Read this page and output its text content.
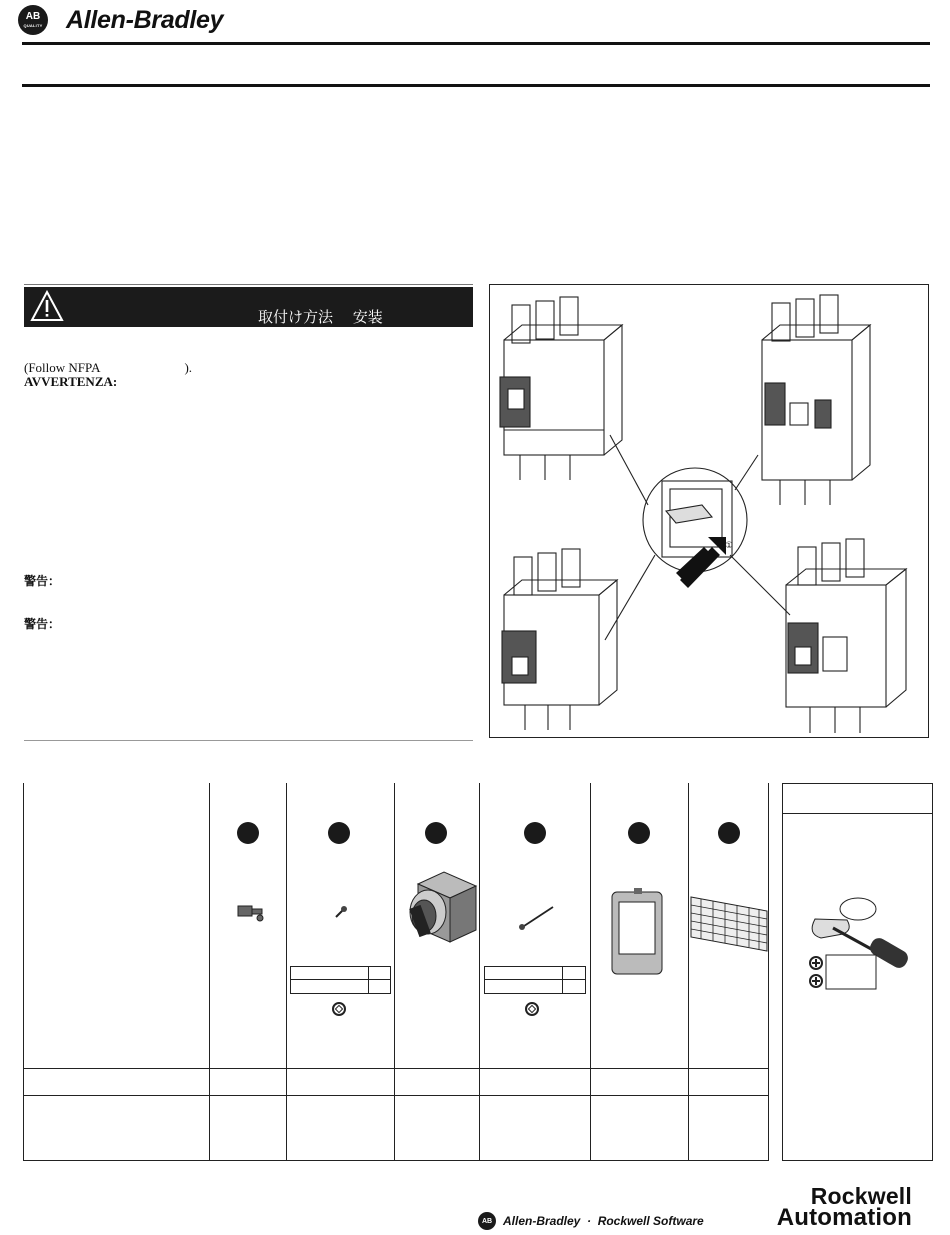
AB
QUALITY Allen-Bradley
取付け方法 　安装
(Follow NFPA	).
AVVERTENZA:
警告：
警告：
①
AB Allen-Bradley  ·  Rockwell Software
Rockwell
Automation
